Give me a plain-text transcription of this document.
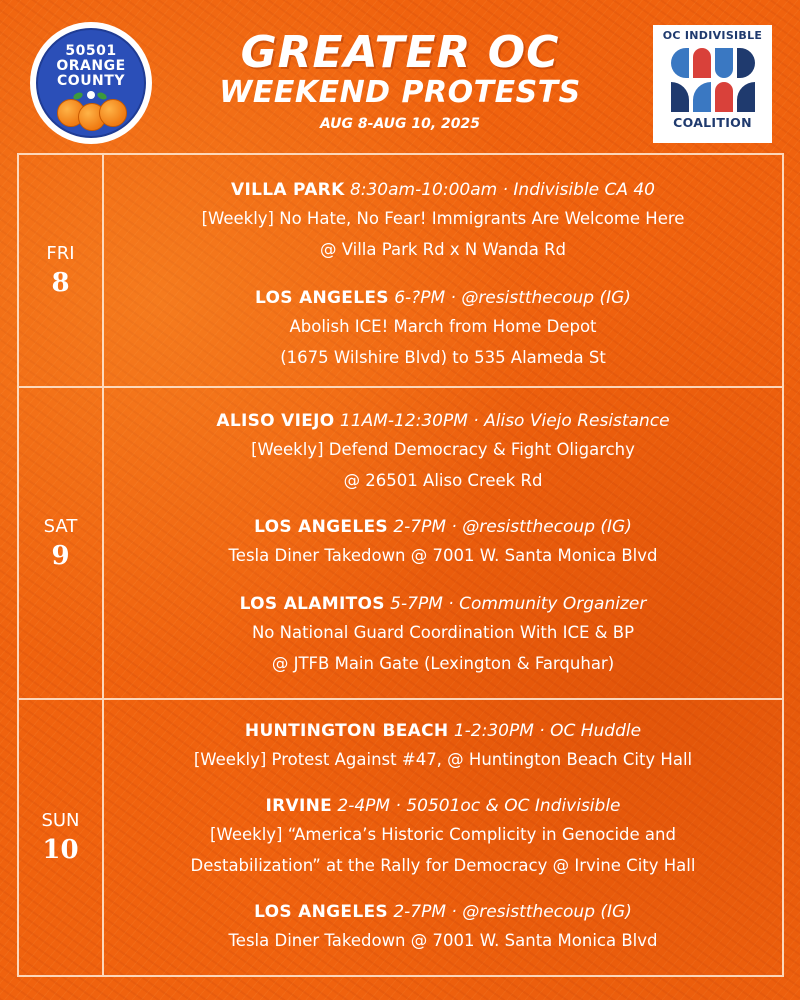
50501
ORANGE
COUNTY
GREATER OC
WEEKEND PROTESTS
AUG 8-AUG 10, 2025
OC INDIVISIBLE
COALITION
FRI
8
VILLA PARK 8:30am-10:00am · Indivisible CA 40
[Weekly] No Hate, No Fear! Immigrants Are Welcome Here
@ Villa Park Rd x N Wanda Rd
LOS ANGELES 6-?PM · @resistthecoup (IG)
Abolish ICE! March from Home Depot
(1675 Wilshire Blvd) to 535 Alameda St
SAT
9
ALISO VIEJO 11AM-12:30PM · Aliso Viejo Resistance
[Weekly] Defend Democracy & Fight Oligarchy
@ 26501 Aliso Creek Rd
LOS ANGELES 2-7PM · @resistthecoup (IG)
Tesla Diner Takedown @ 7001 W. Santa Monica Blvd
LOS ALAMITOS 5-7PM · Community Organizer
No National Guard Coordination With ICE & BP
@ JTFB Main Gate (Lexington & Farquhar)
SUN
10
HUNTINGTON BEACH 1-2:30PM · OC Huddle
[Weekly] Protest Against #47, @ Huntington Beach City Hall
IRVINE 2-4PM · 50501oc & OC Indivisible
[Weekly] “America’s Historic Complicity in Genocide and
Destabilization” at the Rally for Democracy @ Irvine City Hall
LOS ANGELES 2-7PM · @resistthecoup (IG)
Tesla Diner Takedown @ 7001 W. Santa Monica Blvd
